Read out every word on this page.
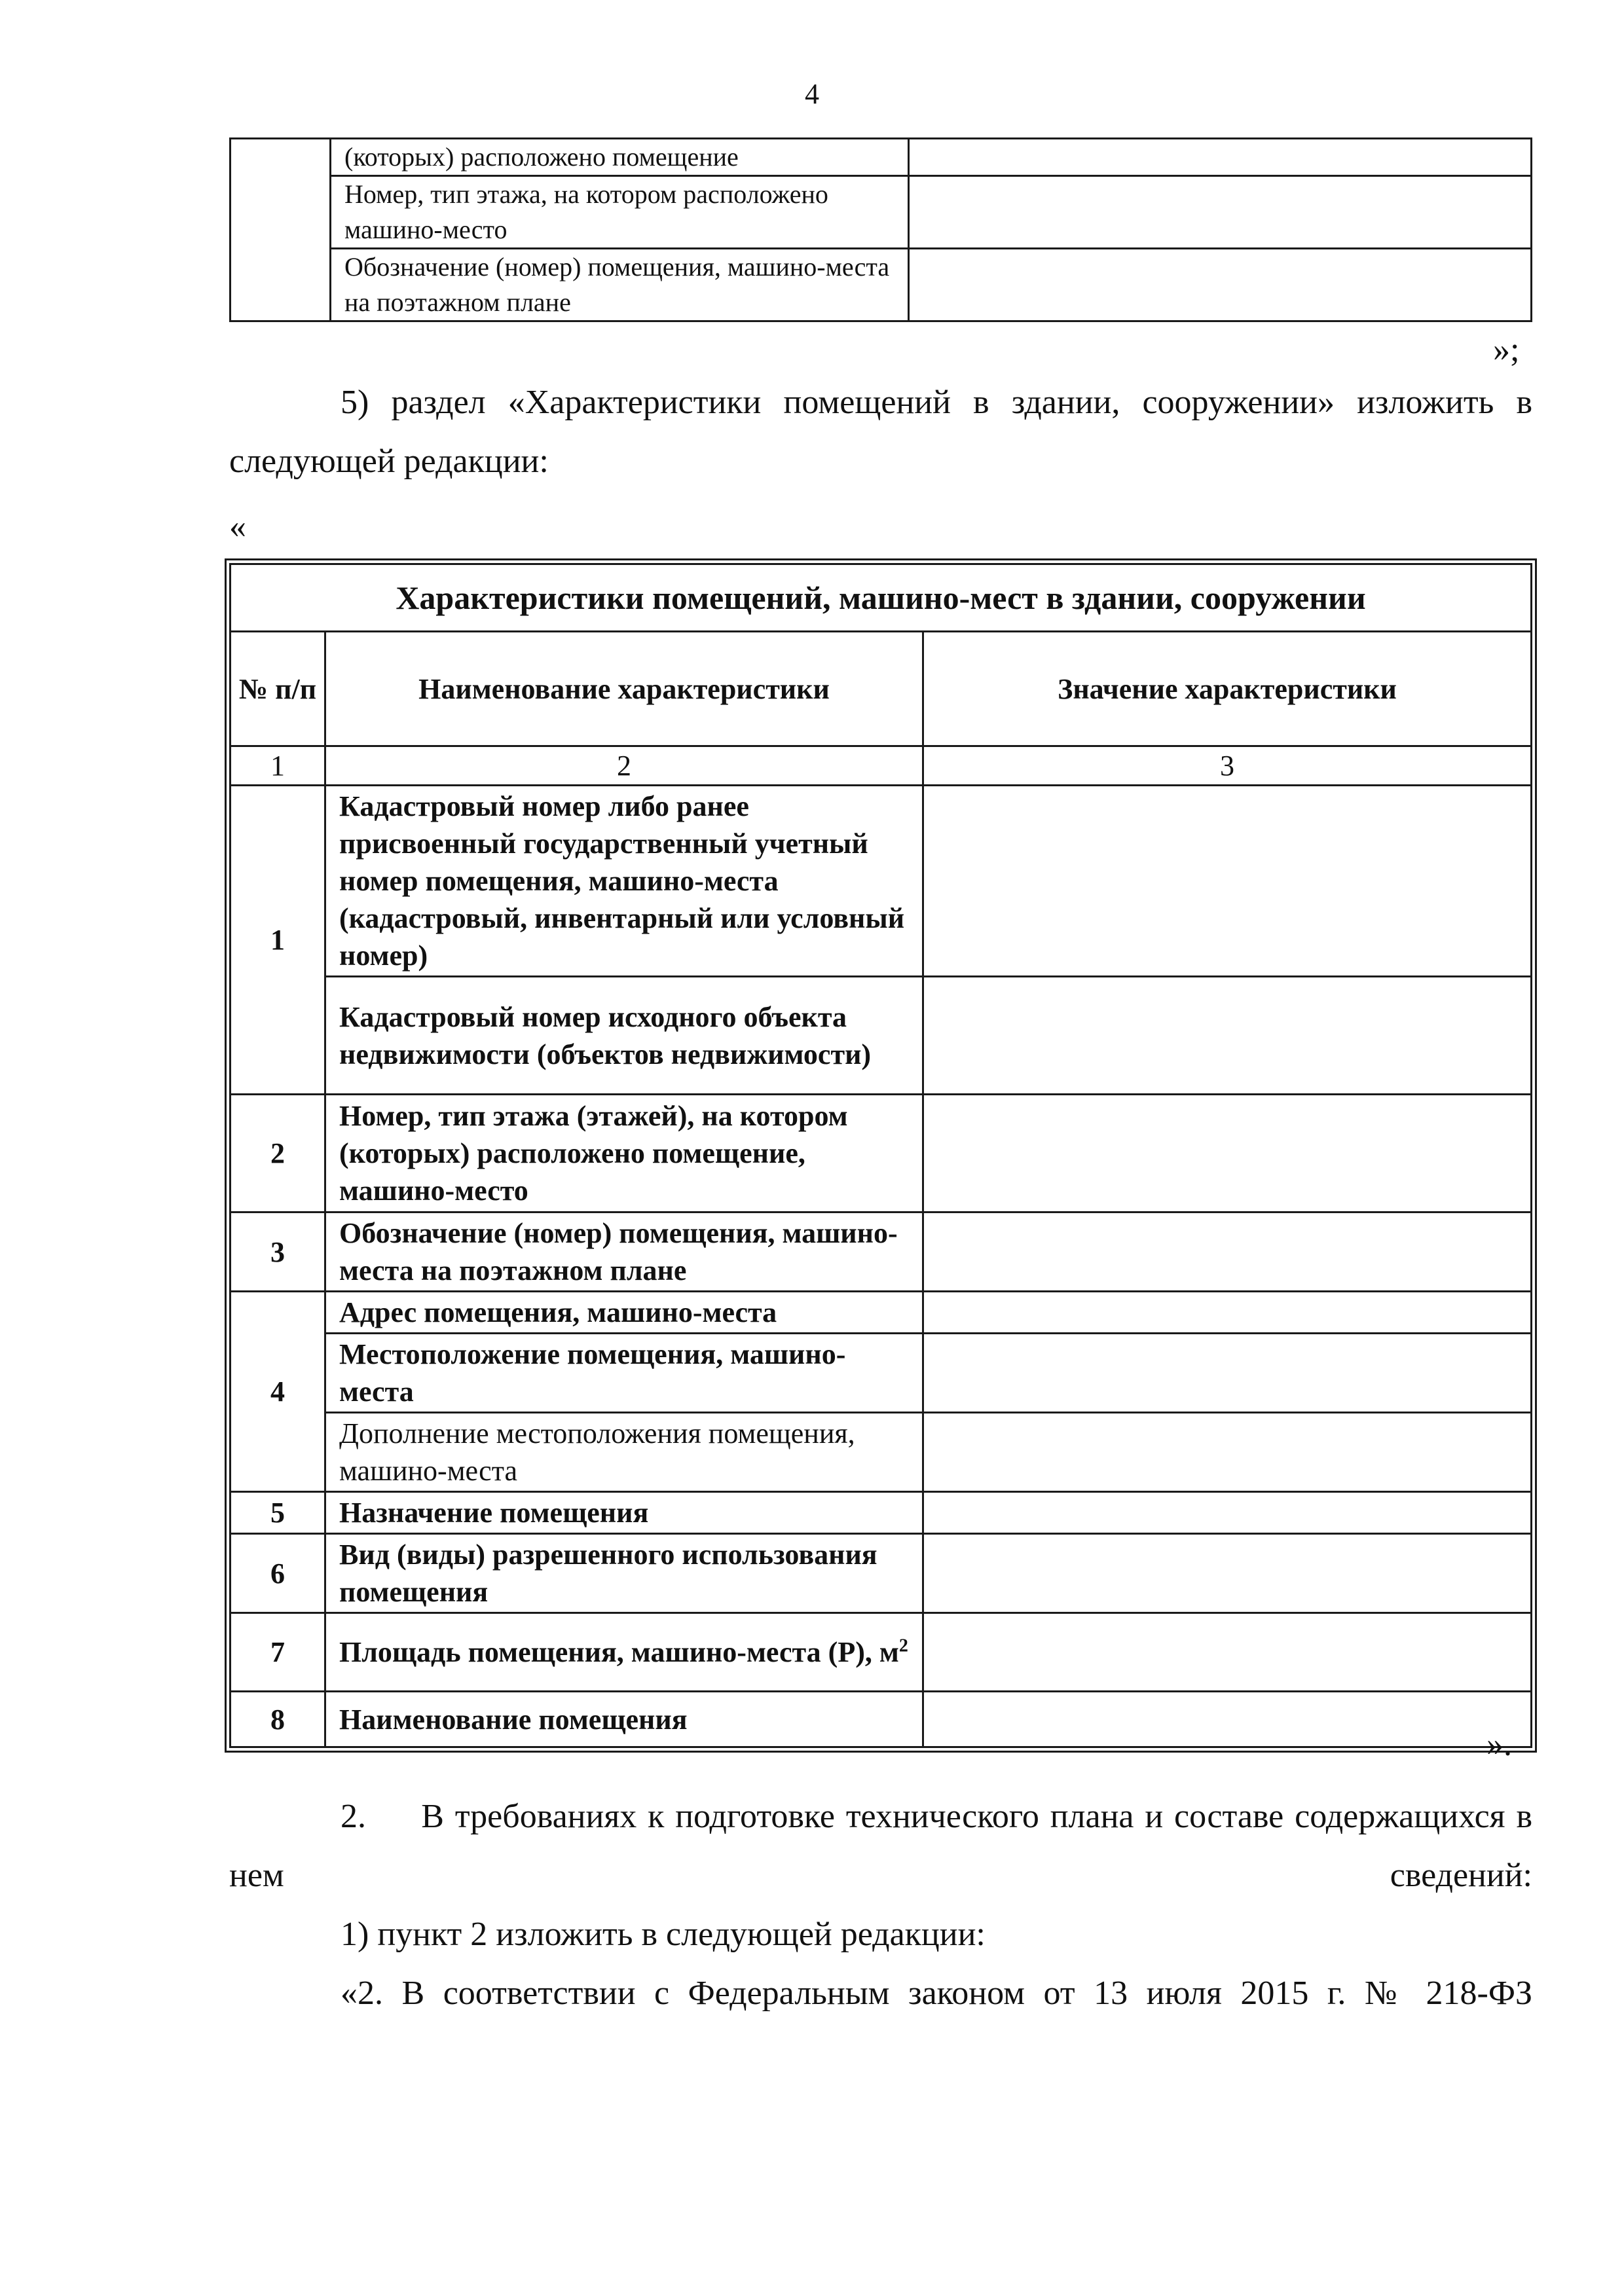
4
	(которых) расположено помещение	
	Номер, тип этажа, на котором расположено машино-место	
	Обозначение (номер) помещения, машино-места на поэтажном плане	
»;
5) раздел «Характеристики помещений в здании, сооружении» изложить в следующей редакции:
«
Характеристики помещений, машино-мест в здании, сооружении		
№ п/п	Наименование характеристики	Значение характеристики
1	2	3
1	Кадастровый номер либо ранее присвоенный государственный учетный номер помещения, машино-места (кадастровый, инвентарный или условный номер)	
	Кадастровый номер исходного объекта недвижимости (объектов недвижимости)	
2	Номер, тип этажа (этажей), на котором (которых) расположено помещение, машино-место	
3	Обозначение (номер) помещения, машино-места на поэтажном плане	
4	Адрес помещения, машино-места	
	Местоположение помещения, машино-места	
	Дополнение местоположения помещения, машино-места	
5	Назначение помещения	
6	Вид (виды) разрешенного использования помещения	
7	Площадь помещения, машино-места (Р), $м^2$	
8	Наименование помещения	
».
2. В требованиях к подготовке технического плана и составе содержащихся в нем сведений:
1) пункт 2 изложить в следующей редакции:
«2. В соответствии с Федеральным законом от 13 июля 2015 г. № 218-ФЗ
